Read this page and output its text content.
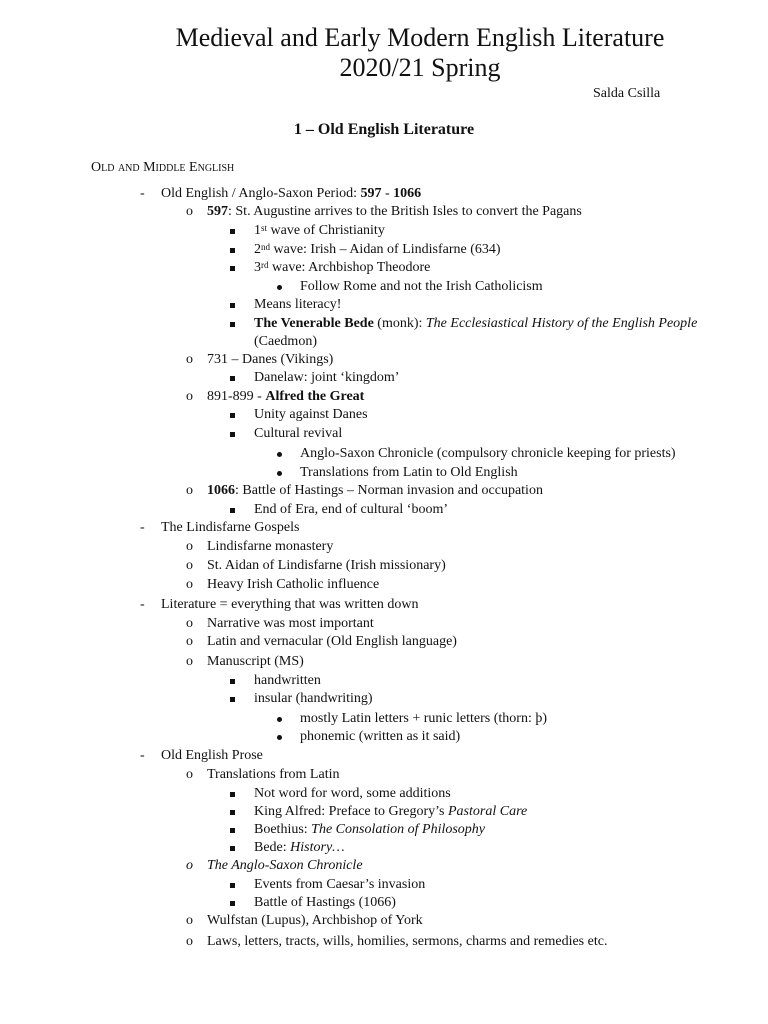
Medieval and Early Modern English Literature
2020/21 Spring
Salda Csilla
1 – Old English Literature
Old and Middle English
- Old English / Anglo-Saxon Period: 597 - 1066
o 597: St. Augustine arrives to the British Isles to convert the Pagans
1st wave of Christianity
2nd wave: Irish – Aidan of Lindisfarne (634)
3rd wave: Archbishop Theodore
Follow Rome and not the Irish Catholicism
Means literacy!
The Venerable Bede (monk): The Ecclesiastical History of the English People
(Caedmon)
o 731 – Danes (Vikings)
Danelaw: joint ‘kingdom’
o 891-899 - Alfred the Great
Unity against Danes
Cultural revival
Anglo-Saxon Chronicle (compulsory chronicle keeping for priests)
Translations from Latin to Old English
o 1066: Battle of Hastings – Norman invasion and occupation
End of Era, end of cultural ‘boom’
- The Lindisfarne Gospels
o Lindisfarne monastery
o St. Aidan of Lindisfarne (Irish missionary)
o Heavy Irish Catholic influence
- Literature = everything that was written down
o Narrative was most important
o Latin and vernacular (Old English language)
o Manuscript (MS)
handwritten
insular (handwriting)
mostly Latin letters + runic letters (thorn: þ)
phonemic (written as it said)
- Old English Prose
o Translations from Latin
Not word for word, some additions
King Alfred: Preface to Gregory’s Pastoral Care
Boethius: The Consolation of Philosophy
Bede: History…
o The Anglo-Saxon Chronicle
Events from Caesar’s invasion
Battle of Hastings (1066)
o Wulfstan (Lupus), Archbishop of York
o Laws, letters, tracts, wills, homilies, sermons, charms and remedies etc.
